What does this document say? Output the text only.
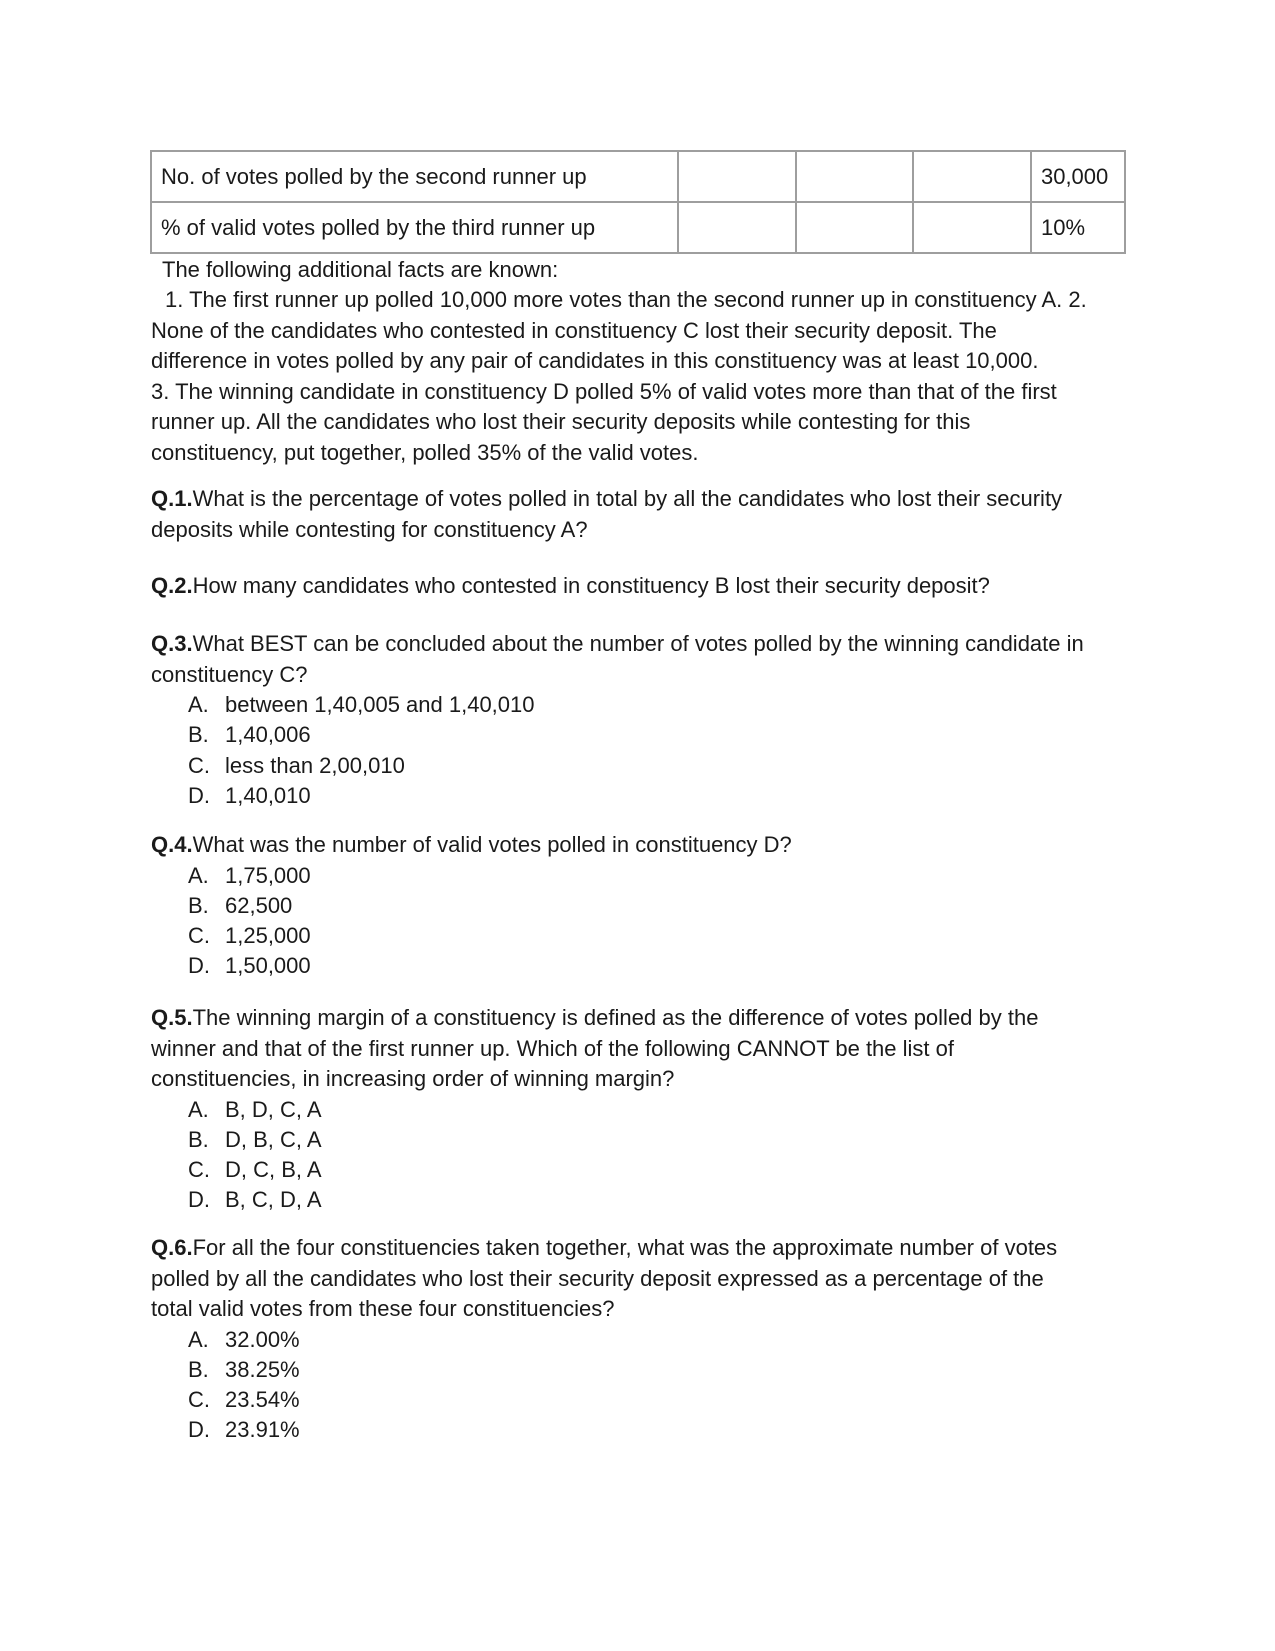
No. of votes polled by the second runner up				30,000
% of valid votes polled by the third runner up				10%
The following additional facts are known:
1. The first runner up polled 10,000 more votes than the second runner up in constituency A. 2.
None of the candidates who contested in constituency C lost their security deposit. The
difference in votes polled by any pair of candidates in this constituency was at least 10,000.
3. The winning candidate in constituency D polled 5% of valid votes more than that of the first
runner up. All the candidates who lost their security deposits while contesting for this
constituency, put together, polled 35% of the valid votes.
Q.1.What is the percentage of votes polled in total by all the candidates who lost their security
deposits while contesting for constituency A?
Q.2.How many candidates who contested in constituency B lost their security deposit?
Q.3.What BEST can be concluded about the number of votes polled by the winning candidate in
constituency C?
A. between 1,40,005 and 1,40,010
B. 1,40,006
C. less than 2,00,010
D. 1,40,010
Q.4.What was the number of valid votes polled in constituency D?
A. 1,75,000
B. 62,500
C. 1,25,000
D. 1,50,000
Q.5.The winning margin of a constituency is defined as the difference of votes polled by the
winner and that of the first runner up. Which of the following CANNOT be the list of
constituencies, in increasing order of winning margin?
A. B, D, C, A
B. D, B, C, A
C. D, C, B, A
D. B, C, D, A
Q.6.For all the four constituencies taken together, what was the approximate number of votes
polled by all the candidates who lost their security deposit expressed as a percentage of the
total valid votes from these four constituencies?
A. 32.00%
B. 38.25%
C. 23.54%
D. 23.91%
